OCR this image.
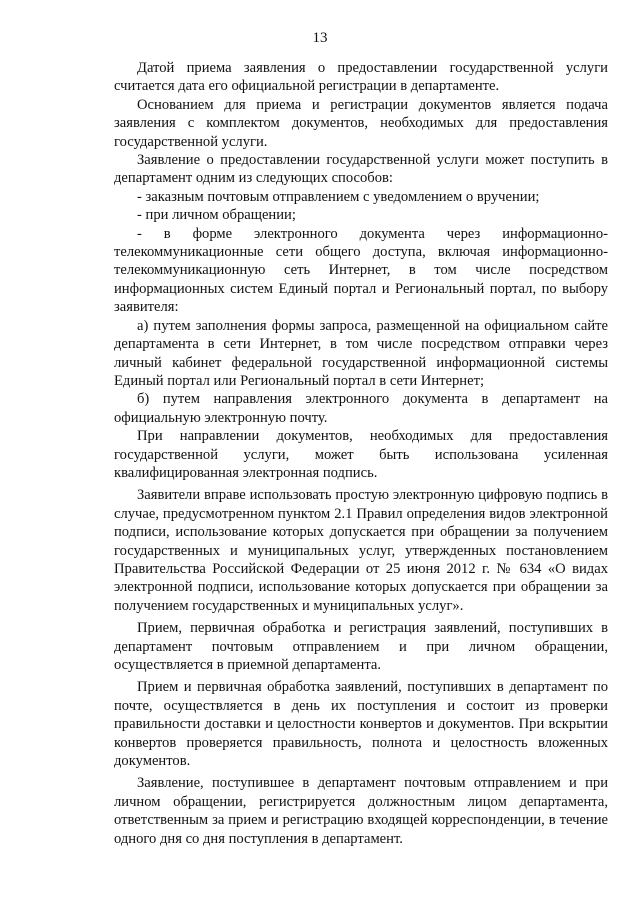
13

Датой приема заявления о предоставлении государственной услуги считается дата его официальной регистрации в департаменте.

Основанием для приема и регистрации документов является подача заявления с комплектом документов, необходимых для предоставления государственной услуги.

Заявление о предоставлении государственной услуги может поступить в департамент одним из следующих способов:

- заказным почтовым отправлением с уведомлением о вручении;

- при личном обращении;

- в форме электронного документа через информационно-телекоммуникационные сети общего доступа, включая информационно-телекоммуникационную сеть Интернет, в том числе посредством информационных систем Единый портал и Региональный портал, по выбору заявителя:

а) путем заполнения формы запроса, размещенной на официальном сайте департамента в сети Интернет, в том числе посредством отправки через личный кабинет федеральной государственной информационной системы Единый портал или Региональный портал в сети Интернет;

б) путем направления электронного документа в департамент на официальную электронную почту.

При направлении документов, необходимых для предоставления государственной услуги, может быть использована усиленная квалифицированная электронная подпись.

Заявители вправе использовать простую электронную цифровую подпись в случае, предусмотренном пунктом 2.1 Правил определения видов электронной подписи, использование которых допускается при обращении за получением государственных и муниципальных услуг, утвержденных постановлением Правительства Российской Федерации от 25 июня 2012 г. № 634 «О видах электронной подписи, использование которых допускается при обращении за получением государственных и муниципальных услуг».

Прием, первичная обработка и регистрация заявлений, поступивших в департамент почтовым отправлением и при личном обращении, осуществляется в приемной департамента.

Прием и первичная обработка заявлений, поступивших в департамент по почте, осуществляется в день их поступления и состоит из проверки правильности доставки и целостности конвертов и документов. При вскрытии конвертов проверяется правильность, полнота и целостность вложенных документов.

Заявление, поступившее в департамент почтовым отправлением и при личном обращении, регистрируется должностным лицом департамента, ответственным за прием и регистрацию входящей корреспонденции, в течение одного дня со дня поступления в департамент.
